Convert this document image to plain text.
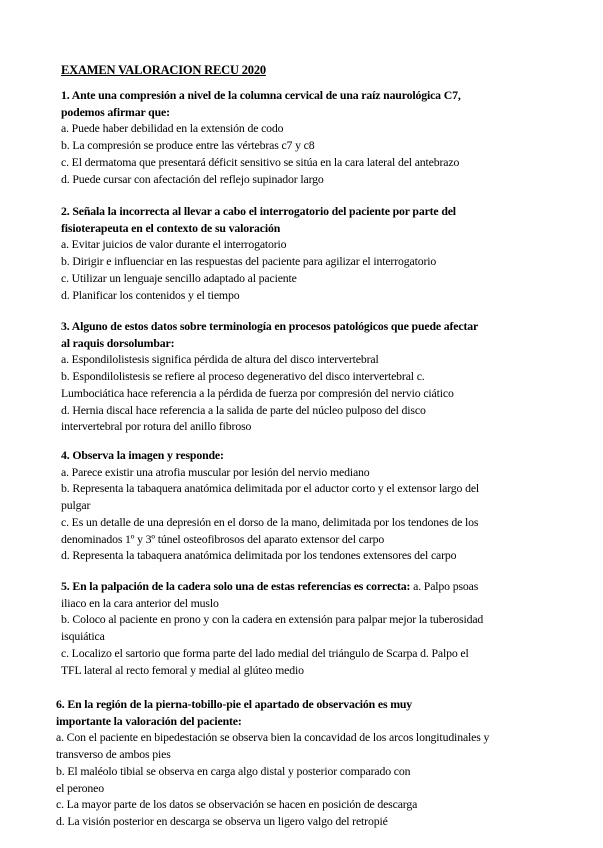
EXAMEN VALORACION RECU 2020
1. Ante una compresión a nivel de la columna cervical de una raíz naurológica C7,
podemos afirmar que:
a. Puede haber debilidad en la extensión de codo
b. La compresión se produce entre las vértebras c7 y c8
c. El dermatoma que presentará déficit sensitivo se sitúa en la cara lateral del antebrazo
d. Puede cursar con afectación del reflejo supinador largo
2. Señala la incorrecta al llevar a cabo el interrogatorio del paciente por parte del
fisioterapeuta en el contexto de su valoración
a. Evitar juicios de valor durante el interrogatorio
b. Dirigir e influenciar en las respuestas del paciente para agilizar el interrogatorio
c. Utilizar un lenguaje sencillo adaptado al paciente
d. Planificar los contenidos y el tiempo
3. Alguno de estos datos sobre terminología en procesos patológicos que puede afectar
al raquis dorsolumbar:
a. Espondilolistesis significa pérdida de altura del disco intervertebral
b. Espondilolistesis se refiere al proceso degenerativo del disco intervertebral c.
Lumbociática hace referencia a la pérdida de fuerza por compresión del nervio ciático
d. Hernia discal hace referencia a la salida de parte del núcleo pulposo del disco
intervertebral por rotura del anillo fibroso
4. Observa la imagen y responde:
a. Parece existir una atrofia muscular por lesión del nervio mediano
b. Representa la tabaquera anatómica delimitada por el aductor corto y el extensor largo del
pulgar
c. Es un detalle de una depresión en el dorso de la mano, delimitada por los tendones de los
denominados 1º y 3º túnel osteofibrosos del aparato extensor del carpo
d. Representa la tabaquera anatómica delimitada por los tendones extensores del carpo
5. En la palpación de la cadera solo una de estas referencias es correcta: a. Palpo psoas
iliaco en la cara anterior del muslo
b. Coloco al paciente en prono y con la cadera en extensión para palpar mejor la tuberosidad
isquiática
c. Localizo el sartorio que forma parte del lado medial del triángulo de Scarpa d. Palpo el
TFL lateral al recto femoral y medial al glúteo medio
6. En la región de la pierna-tobillo-pie el apartado de observación es muy
importante la valoración del paciente:
a. Con el paciente en bipedestación se observa bien la concavidad de los arcos longitudinales y
transverso de ambos pies
b. El maléolo tibial se observa en carga algo distal y posterior comparado con
el peroneo
c. La mayor parte de los datos se observación se hacen en posición de descarga
d. La visión posterior en descarga se observa un ligero valgo del retropié
